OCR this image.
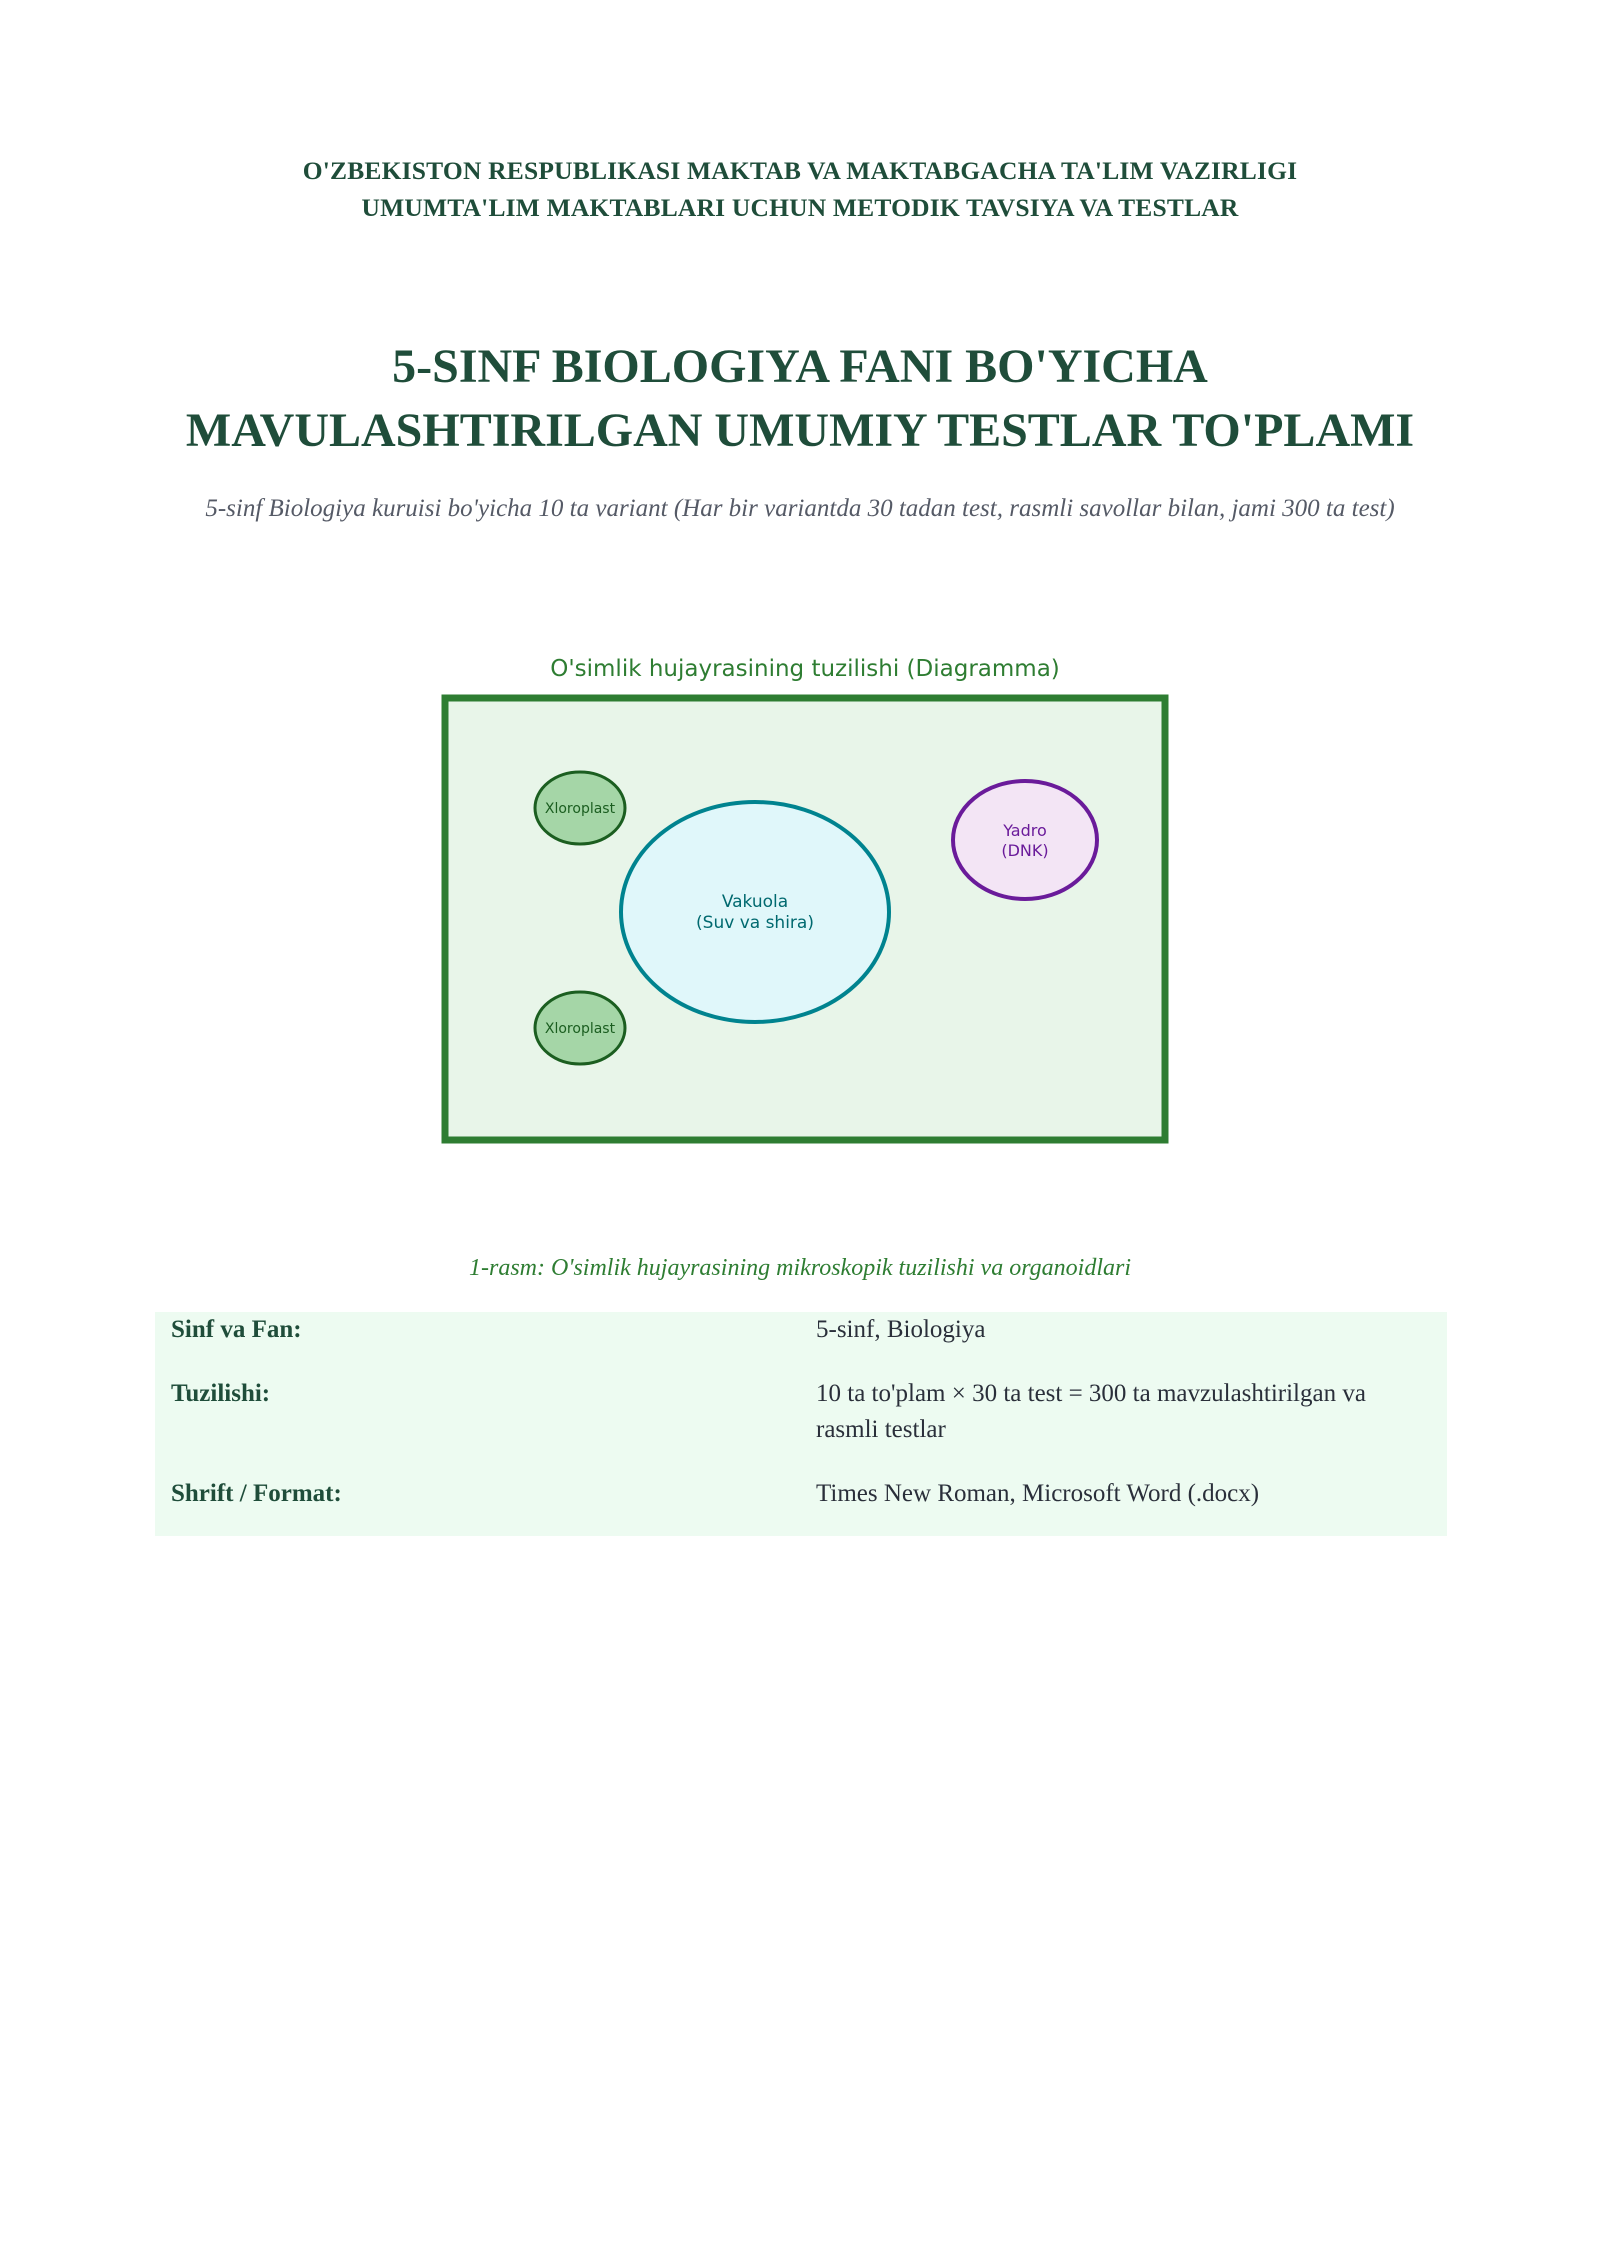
O'ZBEKISTON RESPUBLIKASI MAKTAB VA MAKTABGACHA TA'LIM VAZIRLIGI
UMUMTA'LIM MAKTABLARI UCHUN METODIK TAVSIYA VA TESTLAR
5-SINF BIOLOGIYA FANI BO'YICHA
MAVULASHTIRILGAN UMUMIY TESTLAR TO'PLAMI
5-sinf Biologiya kuruisi bo'yicha 10 ta variant (Har bir variantda 30 tadan test, rasmli savollar bilan, jami 300 ta test)
O'simlik hujayrasining tuzilishi (Diagramma)
Xloroplast
Xloroplast
Vakuola
(Suv va shira)
Yadro
(DNK)
1-rasm: O'simlik hujayrasining mikroskopik tuzilishi va organoidlari
Sinf va Fan:	5-sinf, Biologiya
Tuzilishi:	10 ta to'plam × 30 ta test = 300 ta mavzulashtirilgan va rasmli testlar
Shrift / Format:	Times New Roman, Microsoft Word (.docx)
